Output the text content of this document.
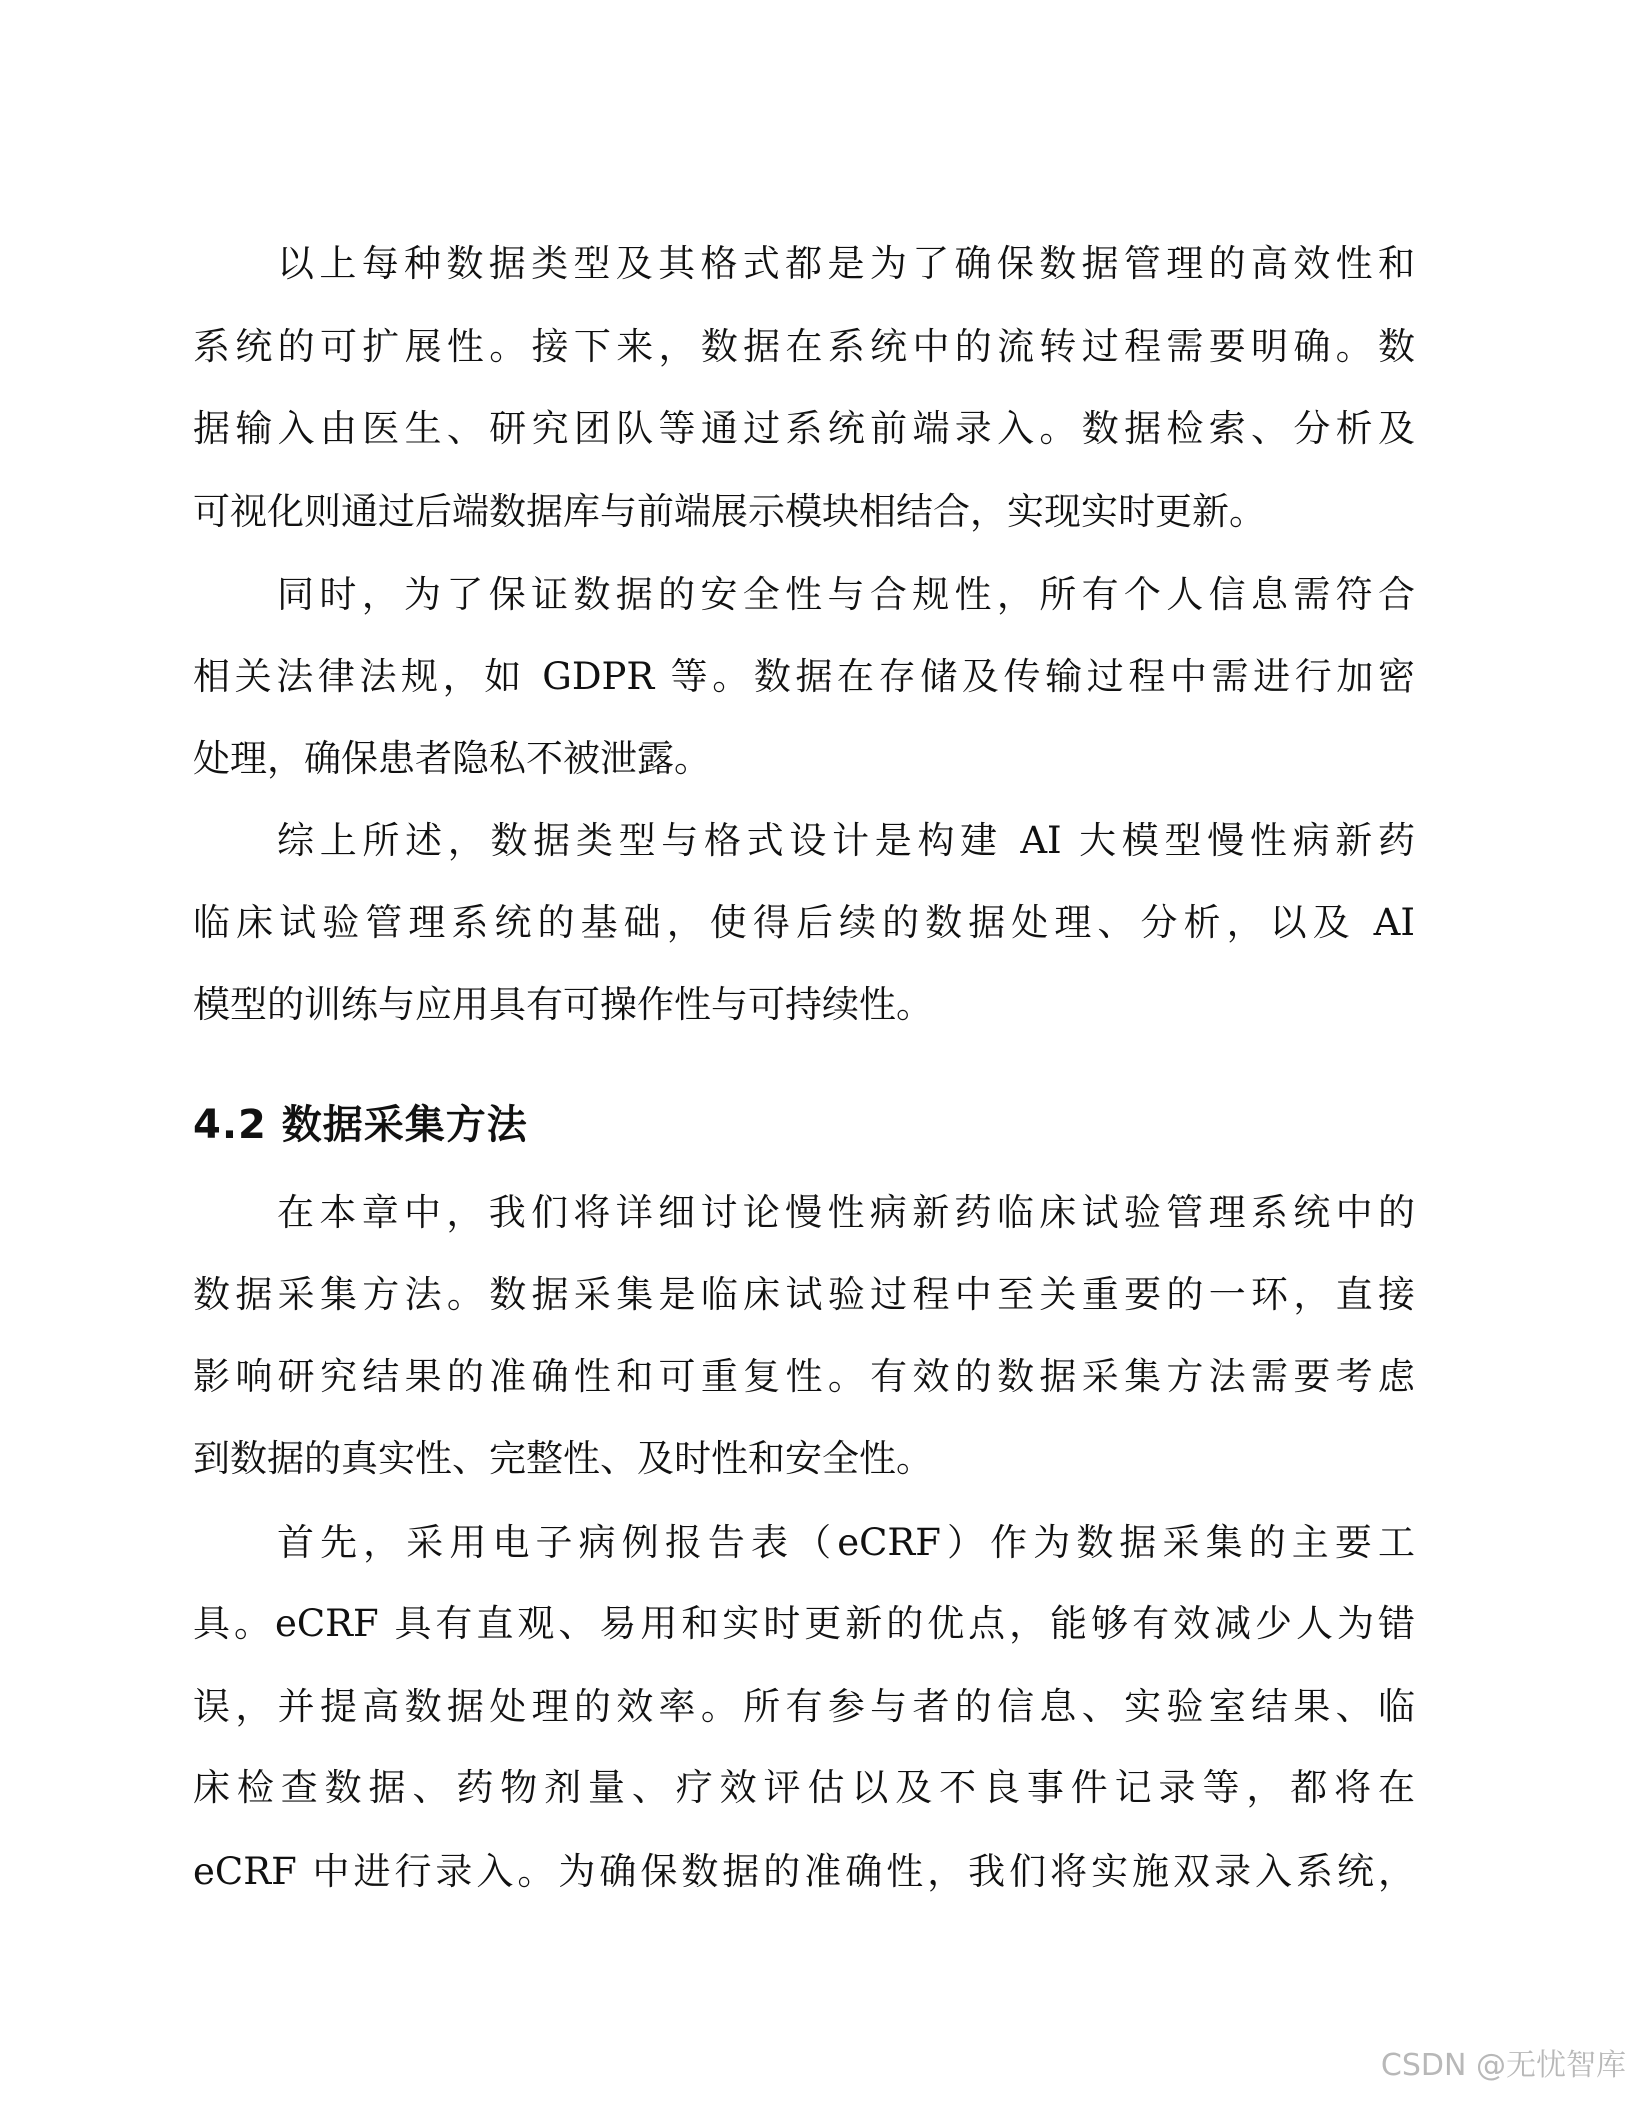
以上每种数据类型及其格式都是为了确保数据管理的高效性和
系统的可扩展性。接下来，数据在系统中的流转过程需要明确。数
据输入由医生、研究团队等通过系统前端录入。数据检索、分析及
可视化则通过后端数据库与前端展示模块相结合，实现实时更新。
同时，为了保证数据的安全性与合规性，所有个人信息需符合
相关法律法规，如 GDPR 等。数据在存储及传输过程中需进行加密
处理，确保患者隐私不被泄露。
综上所述，数据类型与格式设计是构建 AI 大模型慢性病新药
临床试验管理系统的基础，使得后续的数据处理、分析，以及 AI
模型的训练与应用具有可操作性与可持续性。
在本章中，我们将详细讨论慢性病新药临床试验管理系统中的
数据采集方法。数据采集是临床试验过程中至关重要的一环，直接
影响研究结果的准确性和可重复性。有效的数据采集方法需要考虑
到数据的真实性、完整性、及时性和安全性。
首先，采用电子病例报告表（eCRF）作为数据采集的主要工
具。eCRF 具有直观、易用和实时更新的优点，能够有效减少人为错
误，并提高数据处理的效率。所有参与者的信息、实验室结果、临
床检查数据、药物剂量、疗效评估以及不良事件记录等，都将在
eCRF 中进行录入。为确保数据的准确性，我们将实施双录入系统，
4.2 数据采集方法
CSDN @无忧智库
